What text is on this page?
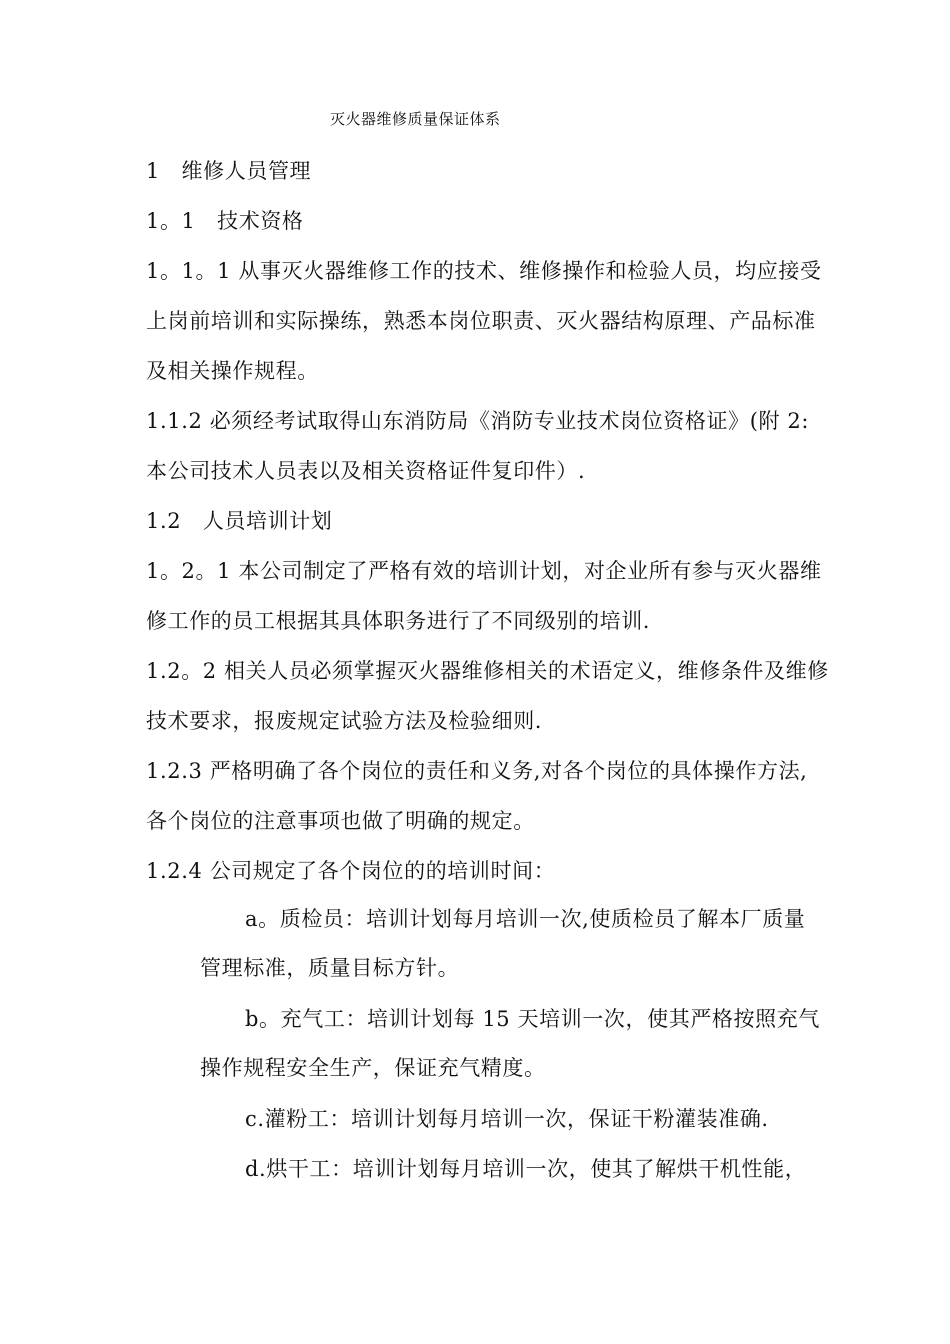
灭火器维修质量保证体系
1　维修人员管理
1。1　技术资格
1。1。1 从事灭火器维修工作的技术、维修操作和检验人员，均应接受
上岗前培训和实际操练，熟悉本岗位职责、灭火器结构原理、产品标准
及相关操作规程。
1.1.2 必须经考试取得山东消防局《消防专业技术岗位资格证》(附 2:
本公司技术人员表以及相关资格证件复印件）.
1.2　人员培训计划
1。2。1 本公司制定了严格有效的培训计划，对企业所有参与灭火器维
修工作的员工根据其具体职务进行了不同级别的培训.
1.2。2 相关人员必须掌握灭火器维修相关的术语定义，维修条件及维修
技术要求，报废规定试验方法及检验细则.
1.2.3 严格明确了各个岗位的责任和义务,对各个岗位的具体操作方法,
各个岗位的注意事项也做了明确的规定。
1.2.4 公司规定了各个岗位的的培训时间：
a。质检员：培训计划每月培训一次,使质检员了解本厂质量
管理标准，质量目标方针。
b。充气工：培训计划每 15 天培训一次，使其严格按照充气
操作规程安全生产，保证充气精度。
c.灌粉工：培训计划每月培训一次，保证干粉灌装准确.
d.烘干工：培训计划每月培训一次，使其了解烘干机性能，
